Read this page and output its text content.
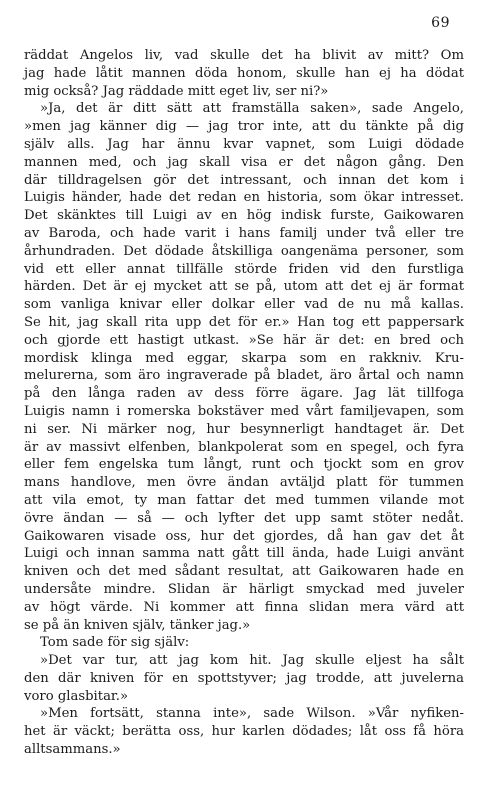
69
räddat Angelos liv, vad skulle det ha blivit av mitt? Om
jag hade låtit mannen döda honom, skulle han ej ha dödat
mig också? Jag räddade mitt eget liv, ser ni?»
»Ja, det är ditt sätt att framställa saken», sade Angelo,
»men jag känner dig — jag tror inte, att du tänkte på dig
själv alls. Jag har ännu kvar vapnet, som Luigi dödade
mannen med, och jag skall visa er det någon gång. Den
där tilldragelsen gör det intressant, och innan det kom i
Luigis händer, hade det redan en historia, som ökar intresset.
Det skänktes till Luigi av en hög indisk furste, Gaikowaren
av Baroda, och hade varit i hans familj under två eller tre
århundraden. Det dödade åtskilliga oangenäma personer, som
vid ett eller annat tillfälle störde friden vid den furstliga
härden. Det är ej mycket att se på, utom att det ej är format
som vanliga knivar eller dolkar eller vad de nu må kallas.
Se hit, jag skall rita upp det för er.» Han tog ett pappersark
och gjorde ett hastigt utkast. »Se här är det: en bred och
mordisk klinga med eggar, skarpa som en rakkniv. Kru-
melurerna, som äro ingraverade på bladet, äro årtal och namn
på den långa raden av dess förre ägare. Jag lät tillfoga
Luigis namn i romerska bokstäver med vårt familjevapen, som
ni ser. Ni märker nog, hur besynnerligt handtaget är. Det
är av massivt elfenben, blankpolerat som en spegel, och fyra
eller fem engelska tum långt, runt och tjockt som en grov
mans handlove, men övre ändan avtäljd platt för tummen
att vila emot, ty man fattar det med tummen vilande mot
övre ändan — så — och lyfter det upp samt stöter nedåt.
Gaikowaren visade oss, hur det gjordes, då han gav det åt
Luigi och innan samma natt gått till ända, hade Luigi använt
kniven och det med sådant resultat, att Gaikowaren hade en
undersåte mindre. Slidan är härligt smyckad med juveler
av högt värde. Ni kommer att finna slidan mera värd att
se på än kniven själv, tänker jag.»
Tom sade för sig själv:
»Det var tur, att jag kom hit. Jag skulle eljest ha sålt
den där kniven för en spottstyver; jag trodde, att juvelerna
voro glasbitar.»
»Men fortsätt, stanna inte», sade Wilson. »Vår nyfiken-
het är väckt; berätta oss, hur karlen dödades; låt oss få höra
alltsammans.»
